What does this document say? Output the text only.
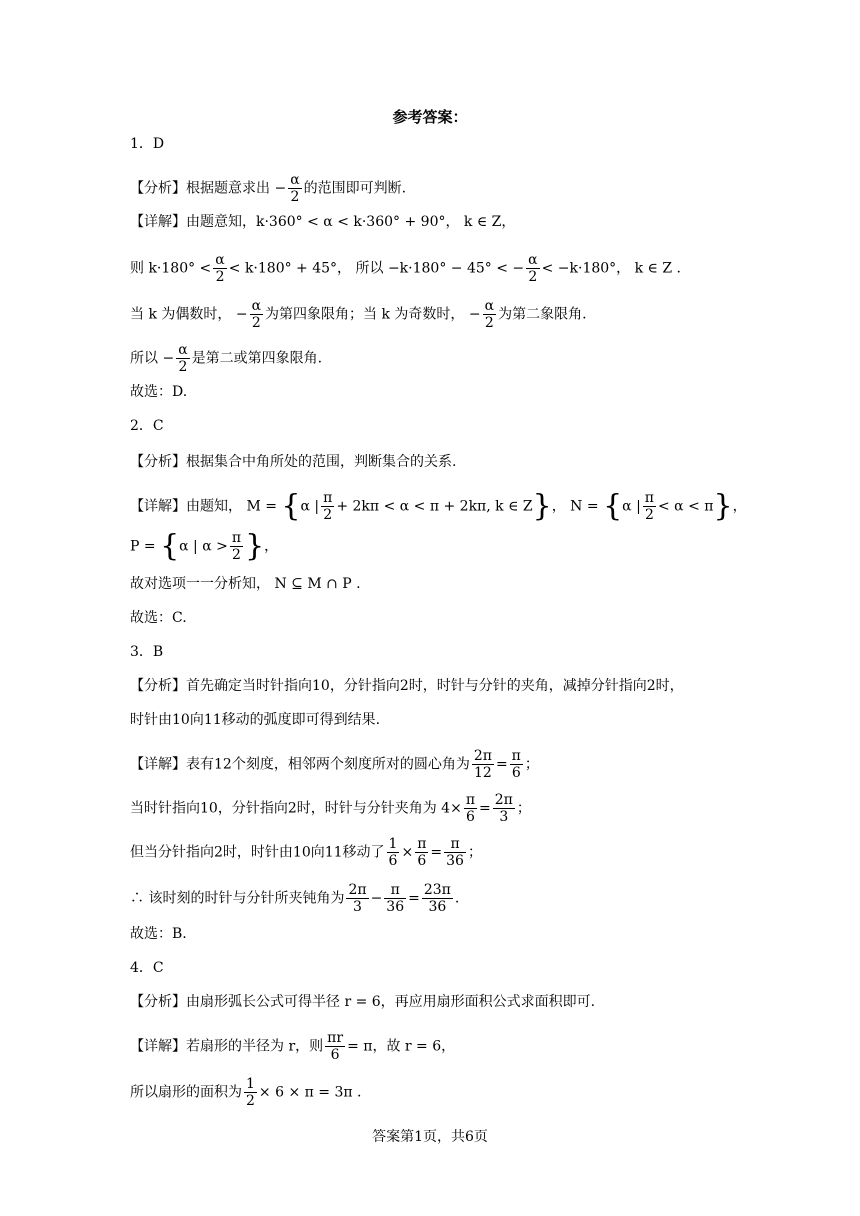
参考答案：
1．D
【分析】根据题意求出 − $\frac{\alpha}{2}$ 的范围即可判断.
【详解】由题意知，k·360° < α < k·360° + 90°， k ∈ Z，
则 $k\cdot 180^\circ < \frac{\alpha}{2} < k\cdot 180^\circ + 45^\circ$， 所以 −k·180° − 45° < − $\frac{\alpha}{2} < -k\cdot 180^\circ$， k ∈ Z .
当 k 为偶数时， − $\frac{\alpha}{2}$ 为第四象限角；当 k 为奇数时， − $\frac{\alpha}{2}$ 为第二象限角.
所以 − $\frac{\alpha}{2}$ 是第二或第四象限角.
故选：D.
2．C
【分析】根据集合中角所处的范围，判断集合的关系.
【详解】由题知， M = {α | $\frac{\pi}{2} + 2k\pi < \alpha < \pi + 2k\pi$, k ∈ Z}， N = {α | $\frac{\pi}{2} < \alpha < \pi$}，
P = {α | $\alpha > \frac{\pi}{2}$ }，
故对选项一一分析知， N ⊆ M ∩ P .
故选：C.
3．B
【分析】首先确定当时针指向10，分针指向2时，时针与分针的夹角，减掉分针指向2时，
时针由10向11移动的弧度即可得到结果.
【详解】表有12个刻度，相邻两个刻度所对的圆心角为 $\frac{2\pi}{12} = \frac{\pi}{6}$ ；
当时针指向10，分针指向2时，时针与分针夹角为 $4\times \frac{\pi}{6} = \frac{2\pi}{3}$ ；
但当分针指向2时，时针由10向11移动了 $\frac{1}{6} \times \frac{\pi}{6} = \frac{\pi}{36}$ ；
∴ 该时刻的时针与分针所夹钝角为 $\frac{2\pi}{3} - \frac{\pi}{36} = \frac{23\pi}{36}$ .
故选：B.
4．C
【分析】由扇形弧长公式可得半径 r = 6，再应用扇形面积公式求面积即可.
【详解】若扇形的半径为 r，则 $\frac{\pi r}{6} = \pi$，故 r = 6，
所以扇形的面积为 $\frac{1}{2} \times 6 \times \pi = 3\pi$ .
答案第1页，共6页
